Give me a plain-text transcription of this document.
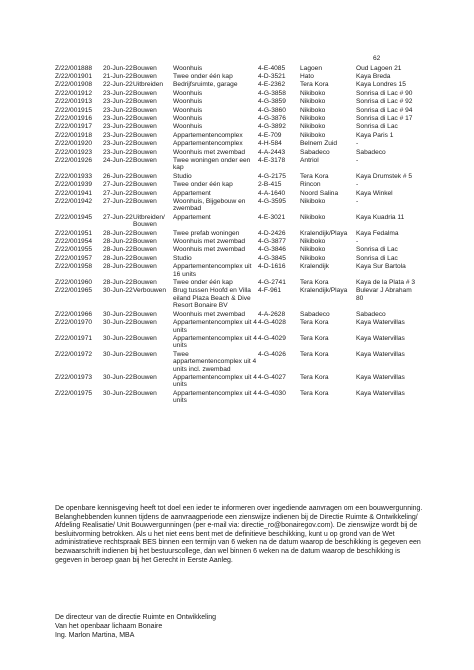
62
Z/22/001888	20-Jun-22	Bouwen	Woonhuis	4-E-4085	Lagoen	Oud Lagoen 21
Z/22/001901	21-Jun-22	Bouwen	Twee onder één kap	4-D-3521	Hato	Kaya Breda
Z/22/001908	22-Jun-22	Uitbreiden	Bedrijfsruimte, garage	4-E-2362	Tera Kora	Kaya Londres 15
Z/22/001912	23-Jun-22	Bouwen	Woonhuis	4-G-3858	Nikiboko	Sonrisa di Lac # 90
Z/22/001913	23-Jun-22	Bouwen	Woonhuis	4-G-3859	Nikiboko	Sonrisa di Lac # 92
Z/22/001915	23-Jun-22	Bouwen	Woonhuis	4-G-3860	Nikiboko	Sonrisa di Lac # 94
Z/22/001916	23-Jun-22	Bouwen	Woonhuis	4-G-3876	Nikiboko	Sonrisa di Lac # 17
Z/22/001917	23-Jun-22	Bouwen	Woonhuis	4-G-3892	Nikiboko	Sonrisa di Lac
Z/22/001918	23-Jun-22	Bouwen	Appartementencomplex	4-E-709	Nikiboko	Kaya Paris 1
Z/22/001920	23-Jun-22	Bouwen	Appartementencomplex	4-H-584	Belnem Zuid	-
Z/22/001923	23-Jun-22	Bouwen	Woonhuis met zwembad	4-A-2443	Sabadeco	Sabadeco
Z/22/001926	24-Jun-22	Bouwen	Twee woningen onder een kap	4-E-3178	Antriol	-
Z/22/001933	26-Jun-22	Bouwen	Studio	4-G-2175	Tera Kora	Kaya Drumstek # 5
Z/22/001939	27-Jun-22	Bouwen	Twee onder één kap	2-B-415	Rincon	-
Z/22/001941	27-Jun-22	Bouwen	Appartement	4-A-1640	Noord Salina	Kaya Winkel
Z/22/001942	27-Jun-22	Bouwen	Woonhuis, Bijgebouw en zwembad	4-G-3595	Nikiboko	-
Z/22/001945	27-Jun-22	Uitbreiden/ Bouwen	Appartement	4-E-3021	Nikiboko	Kaya Kuadria 11
Z/22/001951	28-Jun-22	Bouwen	Twee prefab woningen	4-D-2426	Kralendijk/Playa	Kaya Fedalma
Z/22/001954	28-Jun-22	Bouwen	Woonhuis met zwembad	4-G-3877	Nikiboko	-
Z/22/001955	28-Jun-22	Bouwen	Woonhuis met zwembad	4-G-3846	Nikiboko	Sonrisa di Lac
Z/22/001957	28-Jun-22	Bouwen	Studio	4-G-3845	Nikiboko	Sonrisa di Lac
Z/22/001958	28-Jun-22	Bouwen	Appartementencomplex uit 16 units	4-D-1616	Kralendijk	Kaya Sur Bartola
Z/22/001960	28-Jun-22	Bouwen	Twee onder één kap	4-G-2741	Tera Kora	Kaya de la Plata # 3
Z/22/001965	30-Jun-22	Verbouwen	Brug tussen Hoofd en Villa eiland Plaza Beach & Dive Resort Bonaire BV	4-F-961	Kralendijk/Playa	Bulevar J Abraham 80
Z/22/001966	30-Jun-22	Bouwen	Woonhuis met zwembad	4-A-2628	Sabadeco	Sabadeco
Z/22/001970	30-Jun-22	Bouwen	Appartementencomplex uit 4 units	4-G-4028	Tera Kora	Kaya Watervillas
Z/22/001971	30-Jun-22	Bouwen	Appartementencomplex uit 4 units	4-G-4029	Tera Kora	Kaya Watervillas
Z/22/001972	30-Jun-22	Bouwen	Twee appartementencomplex uit 4 units incl. zwembad	4-G-4026	Tera Kora	Kaya Watervillas
Z/22/001973	30-Jun-22	Bouwen	Appartementencomplex uit 4 units	4-G-4027	Tera Kora	Kaya Watervillas
Z/22/001975	30-Jun-22	Bouwen	Appartementencomplex uit 4 units	4-G-4030	Tera Kora	Kaya Watervillas

De openbare kennisgeving heeft tot doel een ieder te informeren over ingediende aanvragen om een bouwvergunning. Belanghebbenden kunnen tijdens de aanvraagperiode een zienswijze indienen bij de Directie Ruimte & Ontwikkeling/ Afdeling Realisatie/ Unit Bouwvergunningen (per e-mail via: directie_ro@bonairegov.com). De zienswijze wordt bij de besluitvorming betrokken. Als u het niet eens bent met de definitieve beschikking, kunt u op grond van de Wet administratieve rechtspraak BES binnen een termijn van 6 weken na de datum waarop de beschikking is gegeven een bezwaarschrift indienen bij het bestuurscollege, dan wel binnen 6 weken na de datum waarop de beschikking is gegeven in beroep gaan bij het Gerecht in Eerste Aanleg.

De directeur van de directie Ruimte en Ontwikkeling
Van het openbaar lichaam Bonaire
Ing. Marlon Martina, MBA
